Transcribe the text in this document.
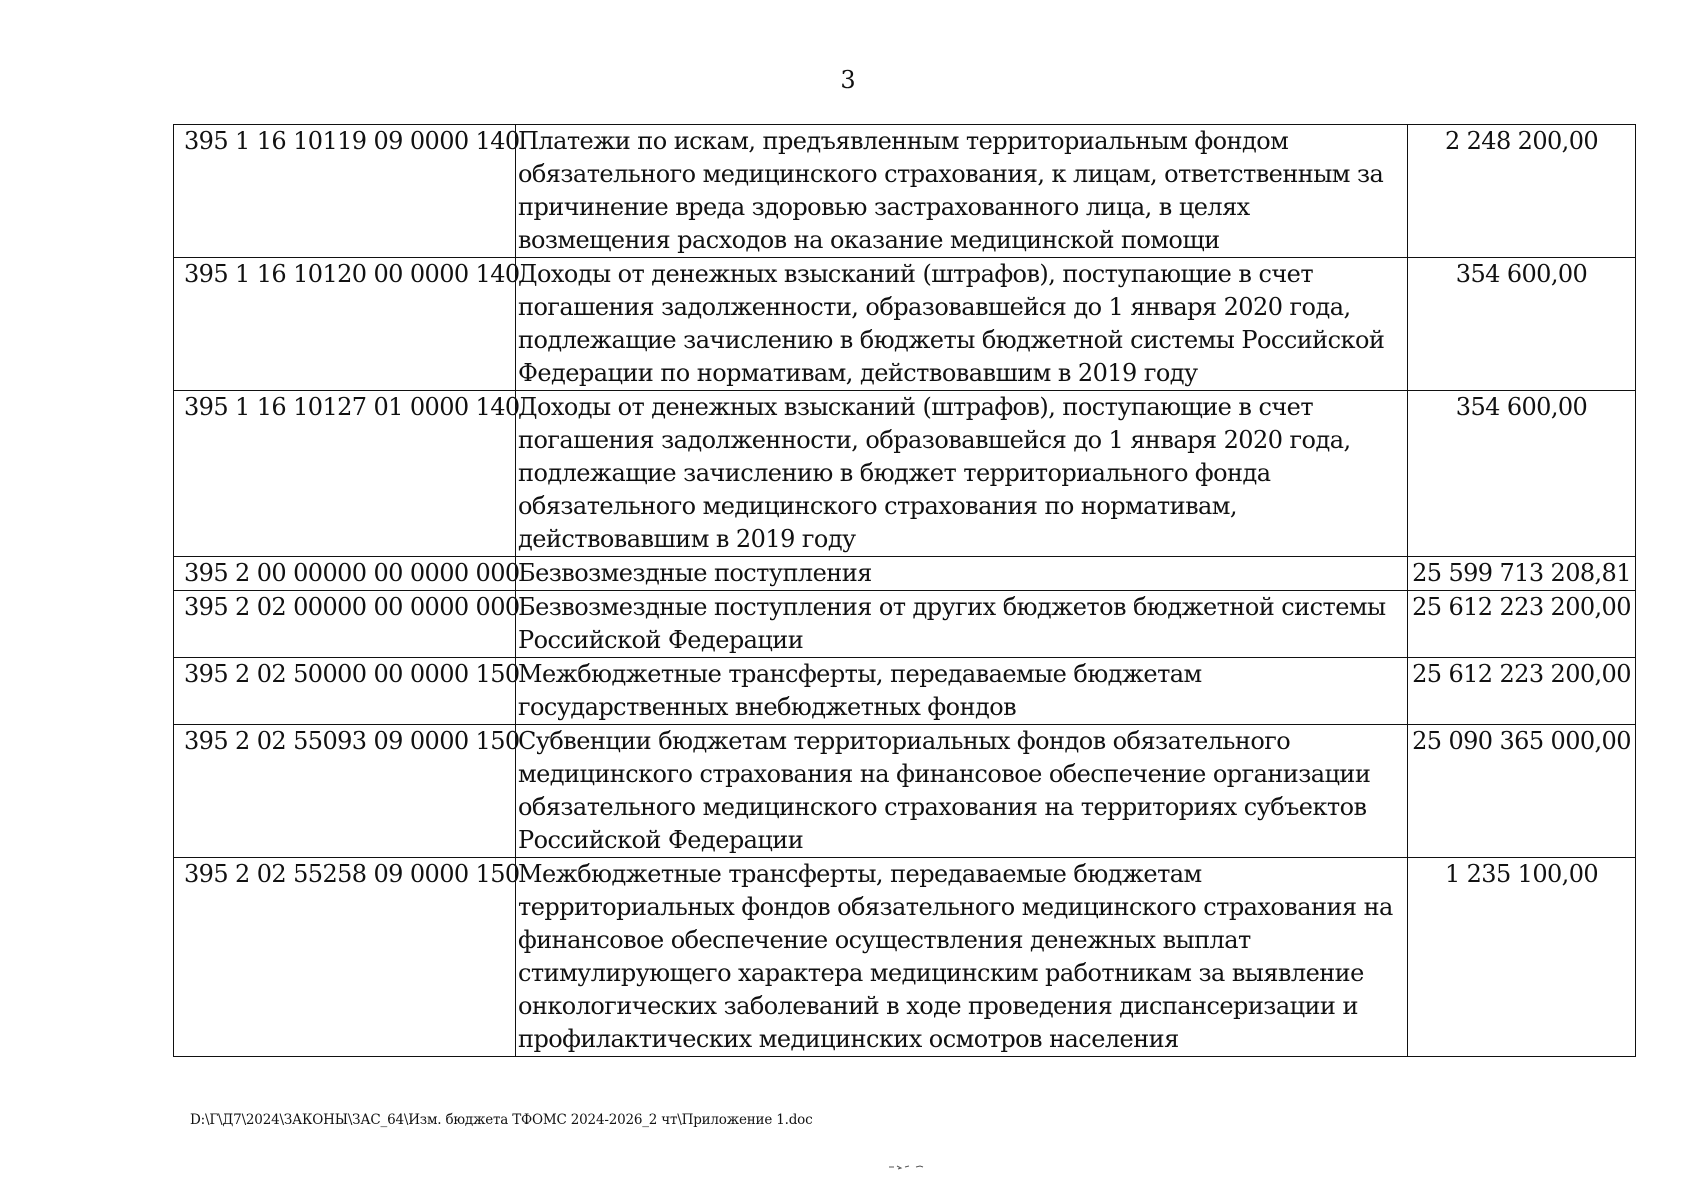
3
395 1 16 10119 09 0000 140	Платежи по искам, предъявленным территориальным фондом обязательного медицинского страхования, к лицам, ответственным за причинение вреда здоровью застрахованного лица, в целях возмещения расходов на оказание медицинской помощи	2 248 200,00
395 1 16 10120 00 0000 140	Доходы от денежных взысканий (штрафов), поступающие в счет погашения задолженности, образовавшейся до 1 января 2020 года, подлежащие зачислению в бюджеты бюджетной системы Российской Федерации по нормативам, действовавшим в 2019 году	354 600,00
395 1 16 10127 01 0000 140	Доходы от денежных взысканий (штрафов), поступающие в счет погашения задолженности, образовавшейся до 1 января 2020 года, подлежащие зачислению в бюджет территориального фонда обязательного медицинского страхования по нормативам, действовавшим в 2019 году	354 600,00
395 2 00 00000 00 0000 000	Безвозмездные поступления	25 599 713 208,81
395 2 02 00000 00 0000 000	Безвозмездные поступления от других бюджетов бюджетной системы Российской Федерации	25 612 223 200,00
395 2 02 50000 00 0000 150	Межбюджетные трансферты, передаваемые бюджетам государственных внебюджетных фондов	25 612 223 200,00
395 2 02 55093 09 0000 150	Субвенции бюджетам территориальных фондов обязательного медицинского страхования на финансовое обеспечение организации обязательного медицинского страхования на территориях субъектов Российской Федерации	25 090 365 000,00
395 2 02 55258 09 0000 150	Межбюджетные трансферты, передаваемые бюджетам территориальных фондов обязательного медицинского страхования на финансовое обеспечение осуществления денежных выплат стимулирующего характера медицинским работникам за выявление онкологических заболеваний в ходе проведения диспансеризации и профилактических медицинских осмотров населения	1 235 100,00
D:\Г\Д7\2024\ЗАКОНЫ\ЗАС_64\Изм. бюджета ТФОМС 2024-2026_2 чт\Приложение 1.doc
